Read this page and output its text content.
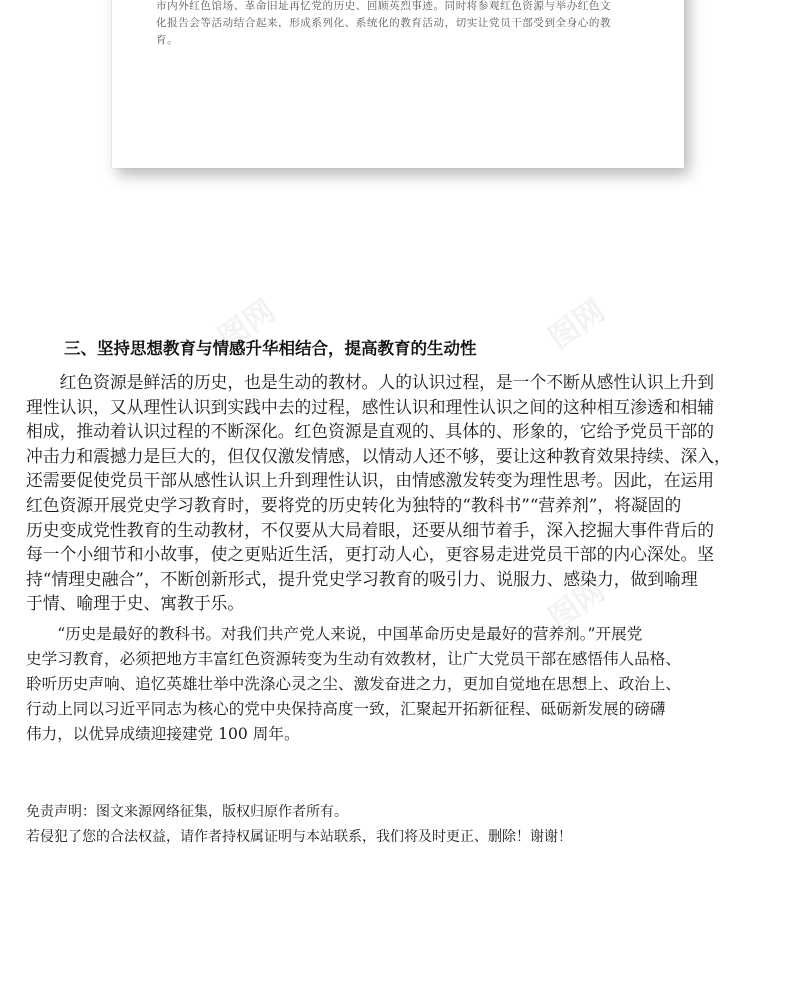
市内外红色馆场、革命旧址再忆党的历史、回顾英烈事迹。同时将参观红色资源与举办红色文
化报告会等活动结合起来，形成系列化、系统化的教育活动，切实让党员干部受到全身心的教
育。
图网	图网
图网
三、坚持思想教育与情感升华相结合，提高教育的生动性

　　红色资源是鲜活的历史，也是生动的教材。人的认识过程，是一个不断从感性认识上升到
理性认识，又从理性认识到实践中去的过程，感性认识和理性认识之间的这种相互渗透和相辅
相成，推动着认识过程的不断深化。红色资源是直观的、具体的、形象的，它给予党员干部的
冲击力和震撼力是巨大的，但仅仅激发情感，以情动人还不够，要让这种教育效果持续、深入，
还需要促使党员干部从感性认识上升到理性认识，由情感激发转变为理性思考。因此，在运用
红色资源开展党史学习教育时，要将党的历史转化为独特的“教科书”“营养剂”，将凝固的
历史变成党性教育的生动教材，不仅要从大局着眼，还要从细节着手，深入挖掘大事件背后的
每一个小细节和小故事，使之更贴近生活，更打动人心，更容易走进党员干部的内心深处。坚
持“情理史融合”，不断创新形式，提升党史学习教育的吸引力、说服力、感染力，做到喻理
于情、喻理于史、寓教于乐。

　　“历史是最好的教科书。对我们共产党人来说，中国革命历史是最好的营养剂。”开展党
史学习教育，必须把地方丰富红色资源转变为生动有效教材，让广大党员干部在感悟伟人品格、
聆听历史声响、追忆英雄壮举中洗涤心灵之尘、激发奋进之力，更加自觉地在思想上、政治上、
行动上同以习近平同志为核心的党中央保持高度一致，汇聚起开拓新征程、砥砺新发展的磅礴
伟力，以优异成绩迎接建党 100 周年。

免责声明：图文来源网络征集，版权归原作者所有。
若侵犯了您的合法权益，请作者持权属证明与本站联系，我们将及时更正、删除！谢谢！
